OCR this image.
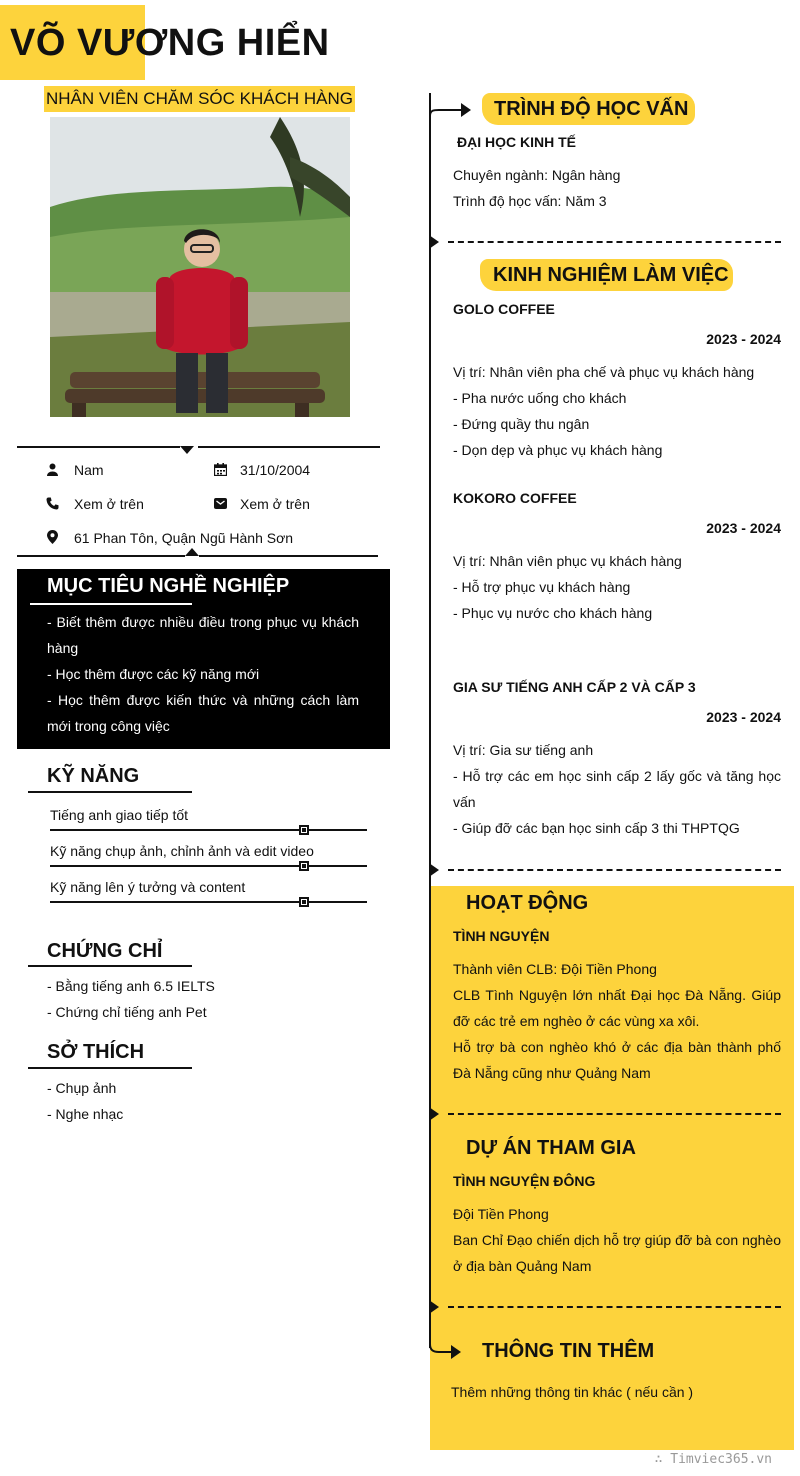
VÕ VƯƠNG HIỂN
NHÂN VIÊN CHĂM SÓC KHÁCH HÀNG
Nam	31/10/2004
Xem ở trên	Xem ở trên
61 Phan Tôn, Quận Ngũ Hành Sơn
MỤC TIÊU NGHỀ NGHIỆP
- Biết thêm được nhiều điều trong phục vụ khách hàng
- Học thêm được các kỹ năng mới
- Học thêm được kiến thức và những cách làm mới trong công việc
KỸ NĂNG
Tiếng anh giao tiếp tốt
Kỹ năng chụp ảnh, chỉnh ảnh và edit video
Kỹ năng lên ý tưởng và content
CHỨNG CHỈ
- Bằng tiếng anh 6.5 IELTS
- Chứng chỉ tiếng anh Pet
SỞ THÍCH
- Chụp ảnh
- Nghe nhạc
TRÌNH ĐỘ HỌC VẤN
ĐẠI HỌC KINH TẾ
Chuyên ngành: Ngân hàng
Trình độ học vấn: Năm 3
KINH NGHIỆM LÀM VIỆC
GOLO COFFEE
2023 - 2024
Vị trí: Nhân viên pha chế và phục vụ khách hàng
- Pha nước uống cho khách
- Đứng quầy thu ngân
- Dọn dẹp và phục vụ khách hàng
KOKORO COFFEE
2023 - 2024
Vị trí: Nhân viên phục vụ khách hàng
- Hỗ trợ phục vụ khách hàng
- Phục vụ nước cho khách hàng
GIA SƯ TIẾNG ANH CẤP 2 VÀ CẤP 3
2023 - 2024
Vị trí: Gia sư tiếng anh
- Hỗ trợ các em học sinh cấp 2 lấy gốc và tăng học vấn
- Giúp đỡ các bạn học sinh cấp 3 thi THPTQG
HOẠT ĐỘNG
TÌNH NGUYỆN
Thành viên CLB: Đội Tiền Phong
CLB Tình Nguyện lớn nhất Đại học Đà Nẵng. Giúp đỡ các trẻ em nghèo ở các vùng xa xôi.
Hỗ trợ bà con nghèo khó ở các địa bàn thành phố Đà Nẵng cũng như Quảng Nam
DỰ ÁN THAM GIA
TÌNH NGUYỆN ĐÔNG
Đội Tiền Phong
Ban Chỉ Đạo chiến dịch hỗ trợ giúp đỡ bà con nghèo ở địa bàn Quảng Nam
THÔNG TIN THÊM
Thêm những thông tin khác ( nếu cần )
∴ Timviec365.vn
